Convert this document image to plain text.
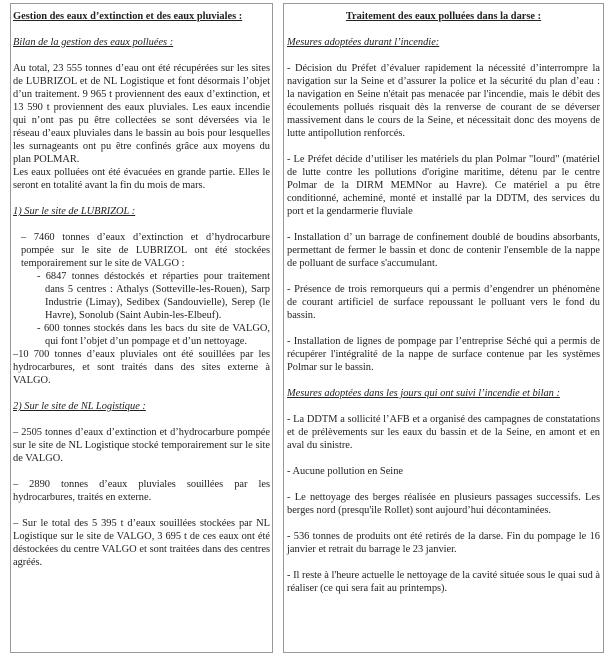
Gestion des eaux d’extinction et des eaux pluviales :

Bilan de la gestion des eaux polluées :

Au total, 23 555 tonnes d’eau ont été récupérées sur les sites de LUBRIZOL et de NL Logistique et font désormais l’objet d’un traitement. 9 965 t proviennent des eaux d’extinction, et 13 590 t proviennent des eaux pluviales. Les eaux incendie qui n’ont pas pu être collectées se sont déversées via le réseau d’eaux pluviales dans le bassin au bois pour lesquelles les surnageants ont pu être confinés grâce aux moyens du plan POLMAR.

Les eaux polluées ont été évacuées en grande partie. Elles le seront en totalité avant la fin du mois de mars.

1) Sur le site de LUBRIZOL :

– 7460 tonnes d’eaux d’extinction et d’hydrocarbure pompée sur le site de LUBRIZOL ont été stockées temporairement sur le site de VALGO :

- 6847 tonnes déstockés et réparties pour traitement dans 5 centres : Athalys (Sotteville-les-Rouen), Sarp Industrie (Limay), Sedibex (Sandouvielle), Serep (le Havre), Sonolub (Saint Aubin-les-Elbeuf).

- 600 tonnes stockés dans les bacs du site de VALGO, qui font l’objet d’un pompage et d’un nettoyage.

–10 700 tonnes d’eaux pluviales ont été souillées par les hydrocarbures, et sont traités dans des sites externe à VALGO.

2) Sur le site de NL Logistique :

– 2505 tonnes d’eaux d’extinction et d’hydrocarbure pompée sur le site de NL Logistique stocké temporairement sur le site de VALGO.

– 2890 tonnes d’eaux pluviales souillées par les hydrocarbures, traités en externe.

– Sur le total des 5 395 t d’eaux souillées stockées par NL Logistique sur le site de VALGO, 3 695 t de ces eaux ont été déstockées du centre VALGO et sont traitées dans des centres agréés.

Traitement des eaux polluées dans la darse :

Mesures adoptées durant l’incendie:

- Décision du Préfet d’évaluer rapidement la nécessité d’interrompre la navigation sur la Seine et d’assurer la police et la sécurité du plan d’eau : la navigation en Seine n'était pas menacée par l'incendie, mais le débit des écoulements pollués risquait dès la renverse de courant de se déverser massivement dans le cours de la Seine, et nécessitait donc des moyens de lutte antipollution renforcés.

- Le Préfet décide d’utiliser les matériels du plan Polmar "lourd" (matériel de lutte contre les pollutions d'origine maritime, détenu par le centre Polmar de la DIRM MEMNor au Havre). Ce matériel a pu être conditionné, acheminé, monté et installé par la DDTM, des services du port et la gendarmerie fluviale

- Installation d’ un barrage de confinement doublé de boudins absorbants, permettant de fermer le bassin et donc de contenir l'ensemble de la nappe de polluant de surface s'accumulant.

- Présence de trois remorqueurs qui a permis d’engendrer un phénomène de courant artificiel de surface repoussant le polluant vers le fond du bassin.

- Installation de lignes de pompage par l’entreprise Séché qui a permis de récupérer l'intégralité de la nappe de surface contenue par les systèmes Polmar sur le bassin.

Mesures adoptées dans les jours qui ont suivi l’incendie et bilan :

- La DDTM a sollicité l’AFB et a organisé des campagnes de constatations et de prélèvements sur les eaux du bassin et de la Seine, en amont et en aval du sinistre.

- Aucune pollution en Seine

- Le nettoyage des berges réalisée en plusieurs passages successifs. Les berges nord (presqu'ile Rollet) sont aujourd’hui décontaminées.

- 536 tonnes de produits ont été retirés de la darse. Fin du pompage le 16 janvier et retrait du barrage le 23 janvier.

- Il reste à l'heure actuelle le nettoyage de la cavité située sous le quai sud à réaliser (ce qui sera fait au printemps).
